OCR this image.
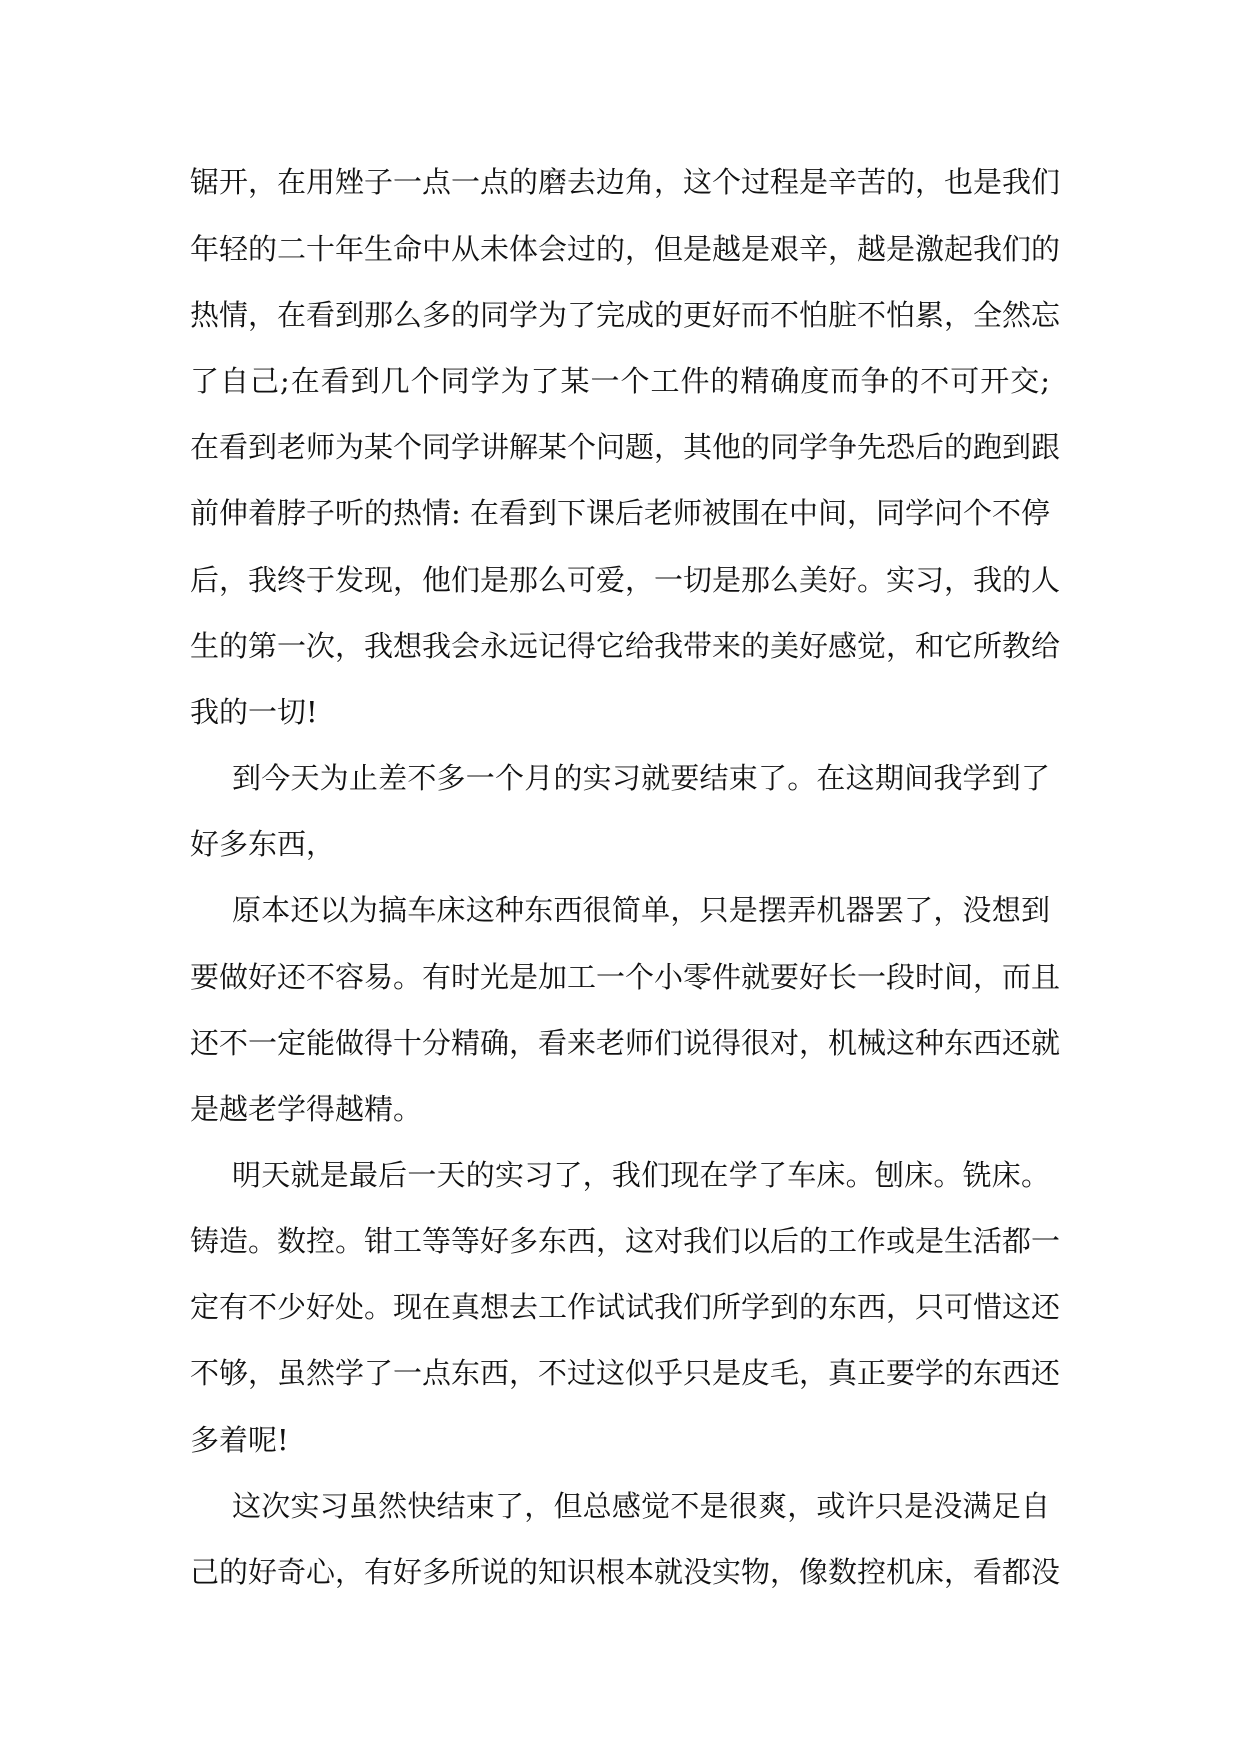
锯开，在用矬子一点一点的磨去边角，这个过程是辛苦的，也是我们
年轻的二十年生命中从未体会过的，但是越是艰辛，越是激起我们的
热情，在看到那么多的同学为了完成的更好而不怕脏不怕累，全然忘
了自己;在看到几个同学为了某一个工件的精确度而争的不可开交;
在看到老师为某个同学讲解某个问题，其他的同学争先恐后的跑到跟
前伸着脖子听的热情: 在看到下课后老师被围在中间，同学问个不停
后，我终于发现，他们是那么可爱，一切是那么美好。实习，我的人
生的第一次，我想我会永远记得它给我带来的美好感觉，和它所教给
我的一切!
到今天为止差不多一个月的实习就要结束了。在这期间我学到了
好多东西，
原本还以为搞车床这种东西很简单，只是摆弄机器罢了，没想到
要做好还不容易。有时光是加工一个小零件就要好长一段时间，而且
还不一定能做得十分精确，看来老师们说得很对，机械这种东西还就
是越老学得越精。
明天就是最后一天的实习了，我们现在学了车床。刨床。铣床。
铸造。数控。钳工等等好多东西，这对我们以后的工作或是生活都一
定有不少好处。现在真想去工作试试我们所学到的东西，只可惜这还
不够，虽然学了一点东西，不过这似乎只是皮毛，真正要学的东西还
多着呢!
这次实习虽然快结束了，但总感觉不是很爽，或许只是没满足自
己的好奇心，有好多所说的知识根本就没实物，像数控机床，看都没
